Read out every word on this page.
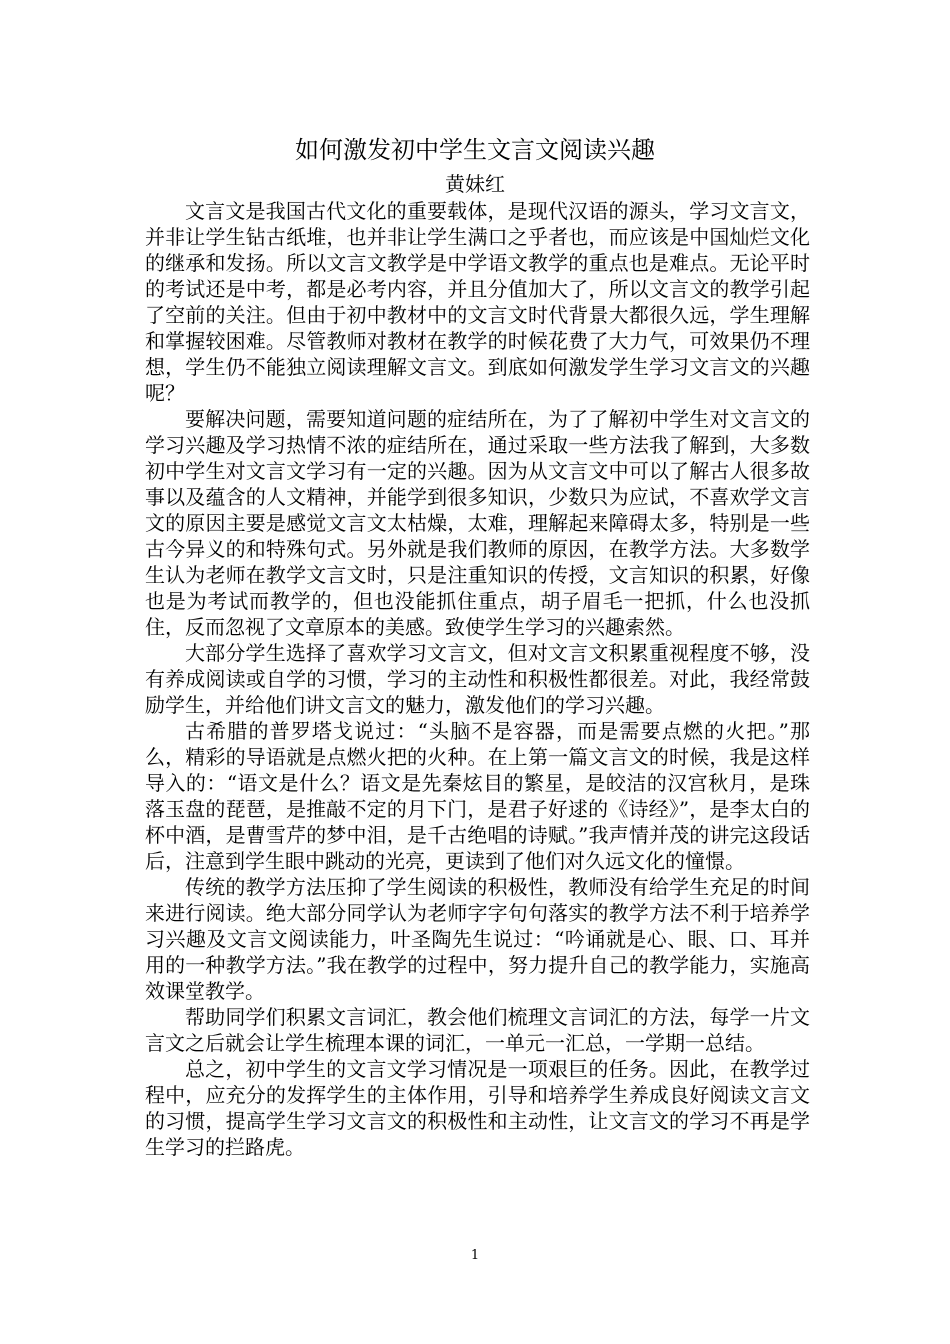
如何激发初中学生文言文阅读兴趣
黄妹红

文言文是我国古代文化的重要载体，是现代汉语的源头，学习文言文，并非让学生钻古纸堆，也并非让学生满口之乎者也，而应该是中国灿烂文化的继承和发扬。所以文言文教学是中学语文教学的重点也是难点。无论平时的考试还是中考，都是必考内容，并且分值加大了，所以文言文的教学引起了空前的关注。但由于初中教材中的文言文时代背景大都很久远，学生理解和掌握较困难。尽管教师对教材在教学的时候花费了大力气，可效果仍不理想，学生仍不能独立阅读理解文言文。到底如何激发学生学习文言文的兴趣呢？

要解决问题，需要知道问题的症结所在，为了了解初中学生对文言文的学习兴趣及学习热情不浓的症结所在，通过采取一些方法我了解到，大多数初中学生对文言文学习有一定的兴趣。因为从文言文中可以了解古人很多故事以及蕴含的人文精神，并能学到很多知识，少数只为应试，不喜欢学文言文的原因主要是感觉文言文太枯燥，太难，理解起来障碍太多，特别是一些古今异义的和特殊句式。另外就是我们教师的原因，在教学方法。大多数学生认为老师在教学文言文时，只是注重知识的传授，文言知识的积累，好像也是为考试而教学的，但也没能抓住重点，胡子眉毛一把抓，什么也没抓住，反而忽视了文章原本的美感。致使学生学习的兴趣索然。

大部分学生选择了喜欢学习文言文，但对文言文积累重视程度不够，没有养成阅读或自学的习惯，学习的主动性和积极性都很差。对此，我经常鼓励学生，并给他们讲文言文的魅力，激发他们的学习兴趣。

古希腊的普罗塔戈说过：“头脑不是容器，而是需要点燃的火把。”那么，精彩的导语就是点燃火把的火种。在上第一篇文言文的时候，我是这样导入的：“语文是什么？语文是先秦炫目的繁星，是皎洁的汉宫秋月，是珠落玉盘的琵琶，是推敲不定的月下门，是君子好逑的《诗经》”，是李太白的杯中酒，是曹雪芹的梦中泪，是千古绝唱的诗赋。”我声情并茂的讲完这段话后，注意到学生眼中跳动的光亮，更读到了他们对久远文化的憧憬。

传统的教学方法压抑了学生阅读的积极性，教师没有给学生充足的时间来进行阅读。绝大部分同学认为老师字字句句落实的教学方法不利于培养学习兴趣及文言文阅读能力，叶圣陶先生说过：“吟诵就是心、眼、口、耳并用的一种教学方法。”我在教学的过程中，努力提升自己的教学能力，实施高效课堂教学。

帮助同学们积累文言词汇，教会他们梳理文言词汇的方法，每学一片文言文之后就会让学生梳理本课的词汇，一单元一汇总，一学期一总结。

总之，初中学生的文言文学习情况是一项艰巨的任务。因此，在教学过程中，应充分的发挥学生的主体作用，引导和培养学生养成良好阅读文言文的习惯，提高学生学习文言文的积极性和主动性，让文言文的学习不再是学生学习的拦路虎。

1
